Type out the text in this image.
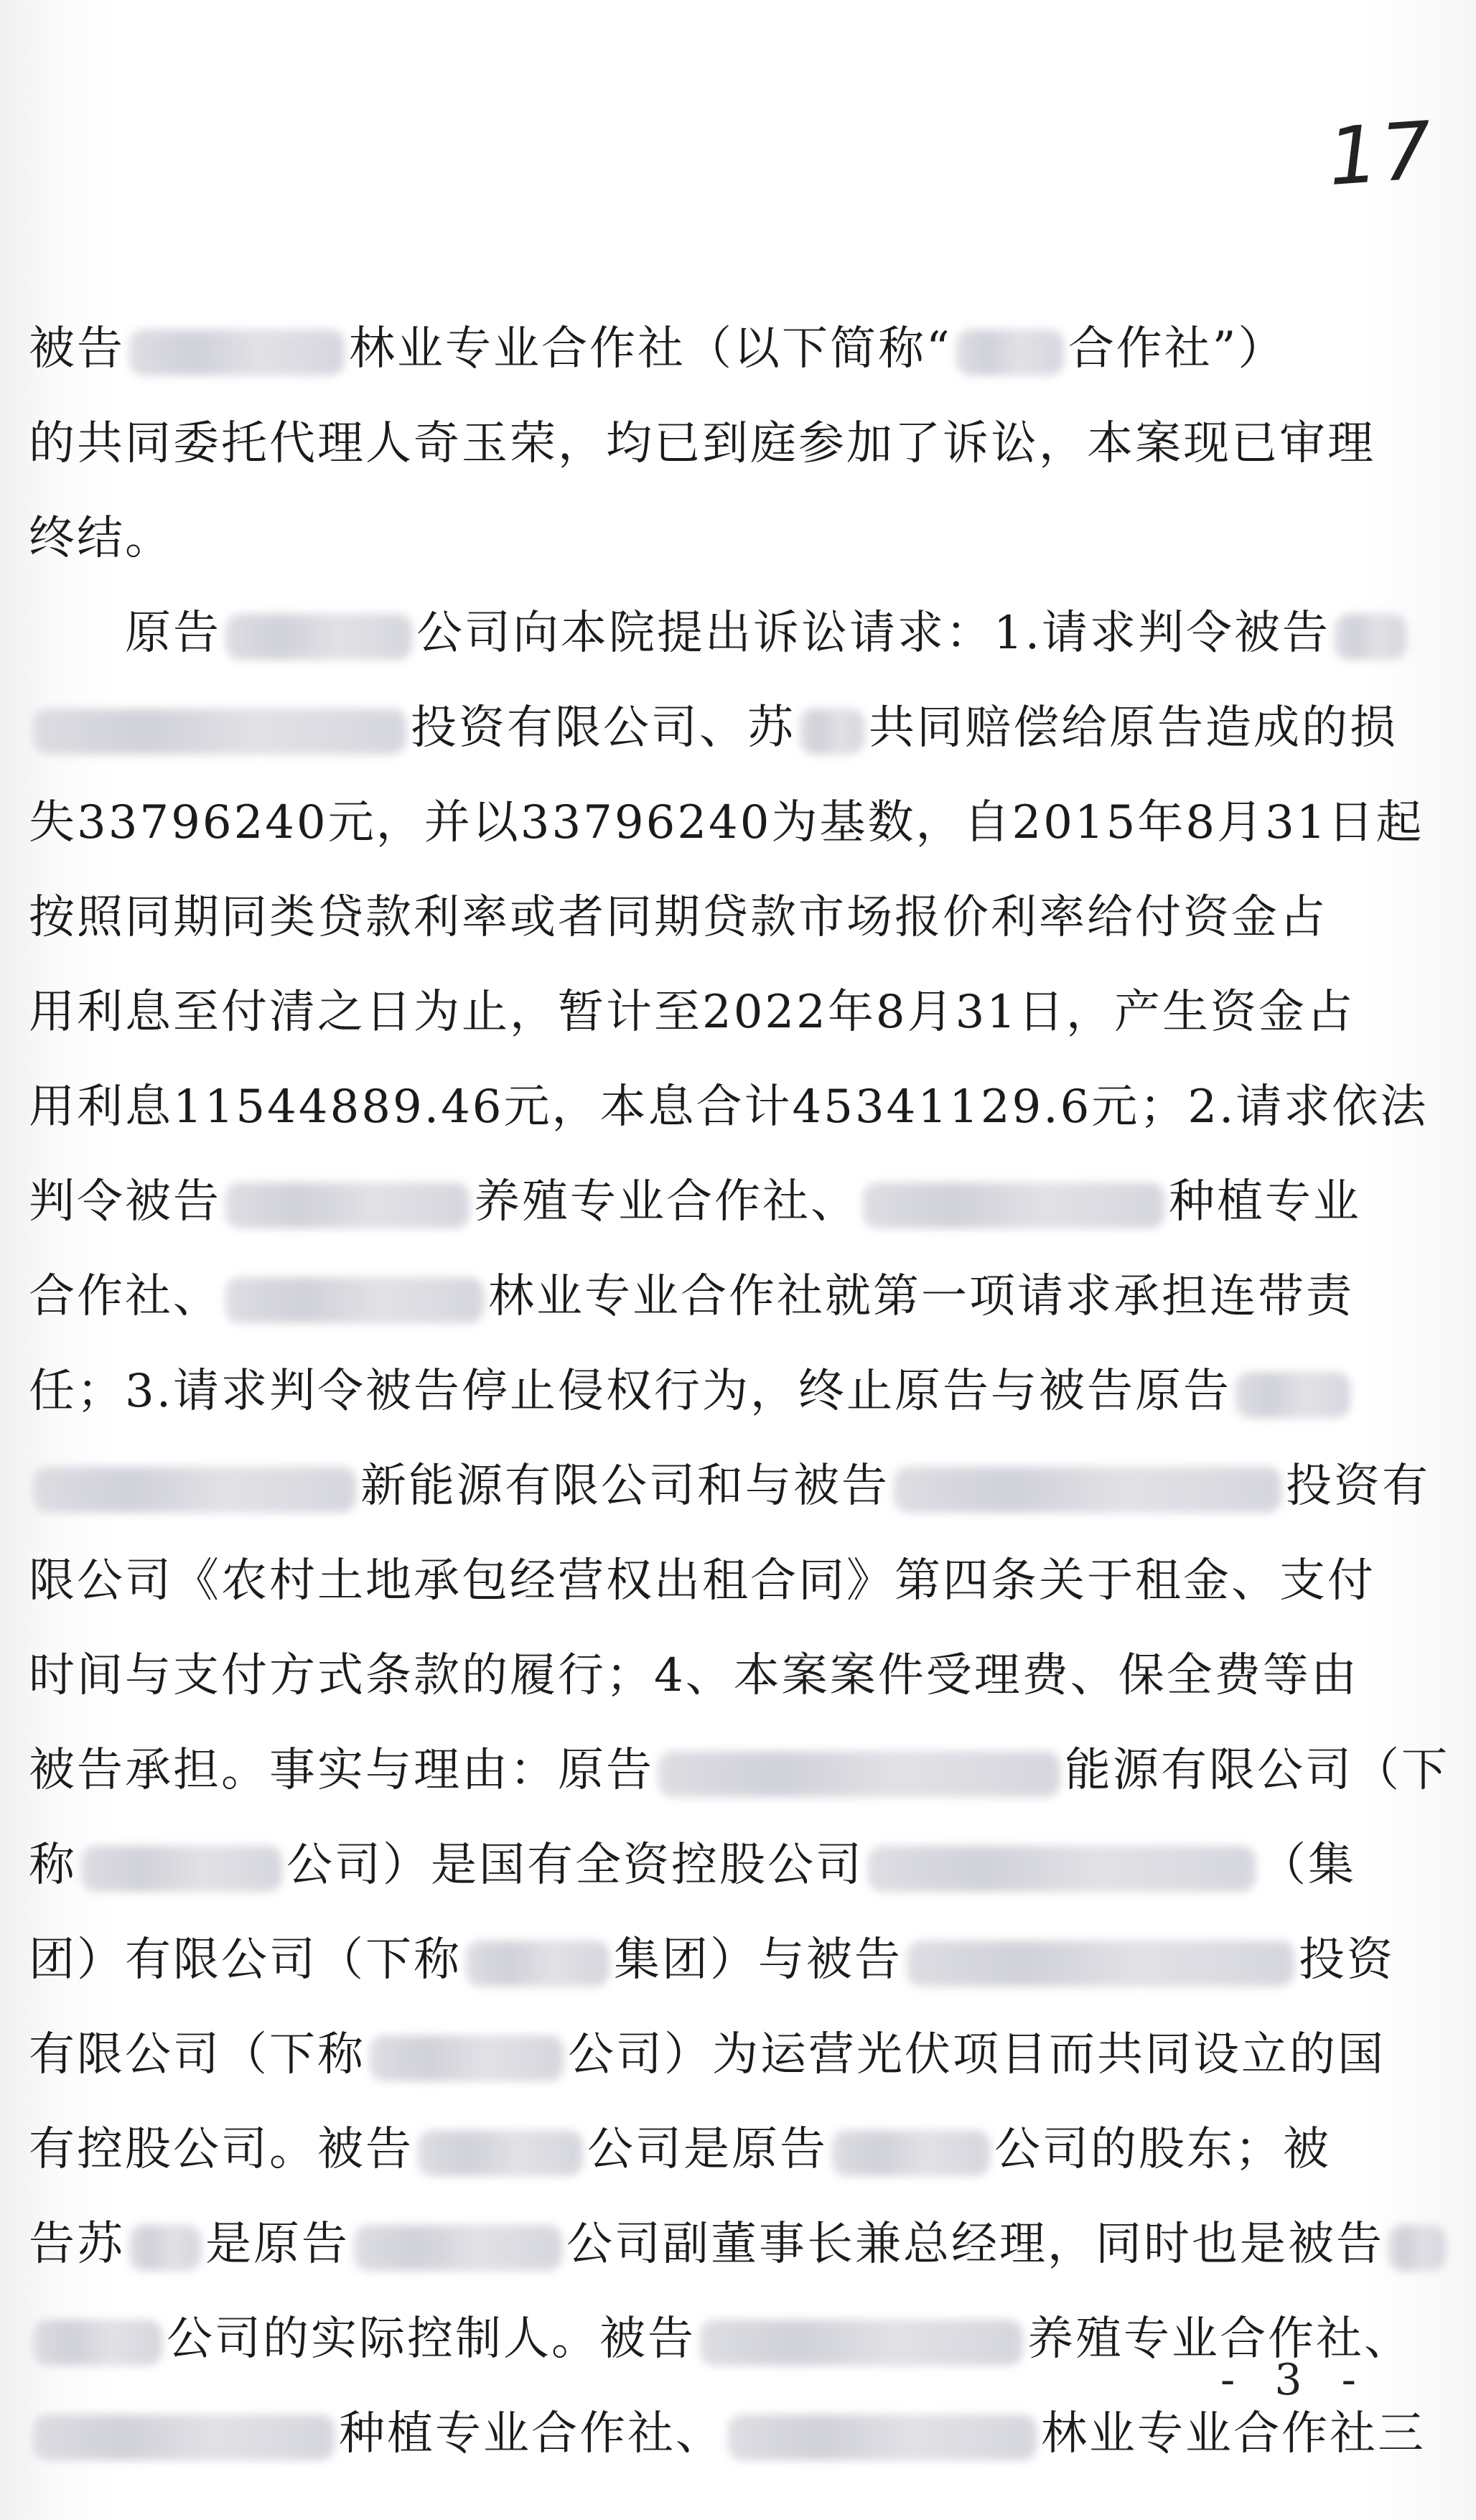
17
被告	林业专业合作社（以下简称“	合作社”）
的共同委托代理人奇玉荣，均已到庭参加了诉讼，本案现已审理
终结。
　　原告	公司向本院提出诉讼请求：1.请求判令被告
投资有限公司、苏 共同赔偿给原告造成的损
失33796240元，并以33796240为基数，自2015年8月31日起
按照同期同类贷款利率或者同期贷款市场报价利率给付资金占
用利息至付清之日为止，暂计至2022年8月31日，产生资金占
用利息11544889.46元，本息合计45341129.6元；2.请求依法
判令被告	养殖专业合作社、	种植专业
合作社、	林业专业合作社就第一项请求承担连带责
任；3.请求判令被告停止侵权行为，终止原告与被告原告
新能源有限公司和与被告	投资有
限公司《农村土地承包经营权出租合同》第四条关于租金、支付
时间与支付方式条款的履行；4、本案案件受理费、保全费等由
被告承担。事实与理由：原告	能源有限公司（下
称	公司）是国有全资控股公司	（集
团）有限公司（下称	集团）与被告	投资
有限公司（下称	公司）为运营光伏项目而共同设立的国
有控股公司。被告	公司是原告	公司的股东；被
告苏 是原告	公司副董事长兼总经理，同时也是被告
公司的实际控制人。被告	养殖专业合作社、
种植专业合作社、	林业专业合作社三
- 3 -
